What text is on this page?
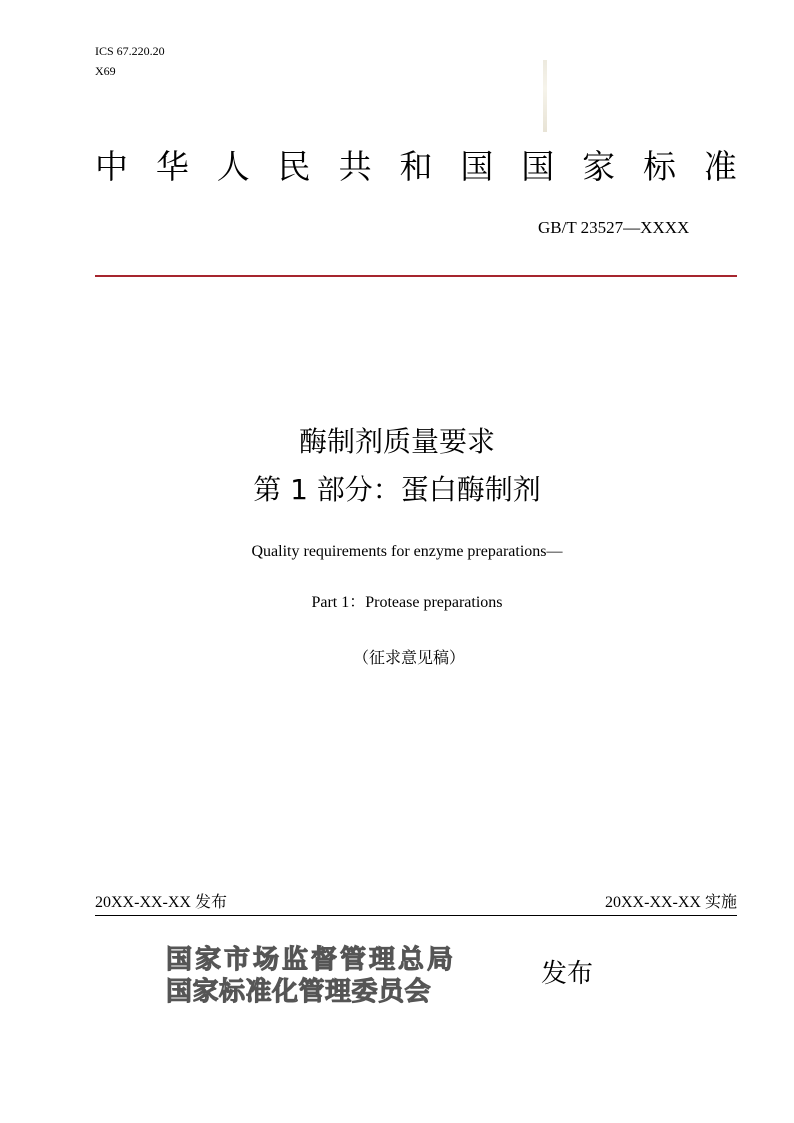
ICS 67.220.20
X69
中 华 人 民 共 和 国 国 家 标 准
GB/T 23527—XXXX
酶制剂质量要求
第 1 部分：蛋白酶制剂
Quality requirements for enzyme preparations—
Part 1：Protease preparations
（征求意见稿）
20XX-XX-XX 发布	20XX-XX-XX 实施
国家市场监督管理总局
国家标准化管理委员会
发布
